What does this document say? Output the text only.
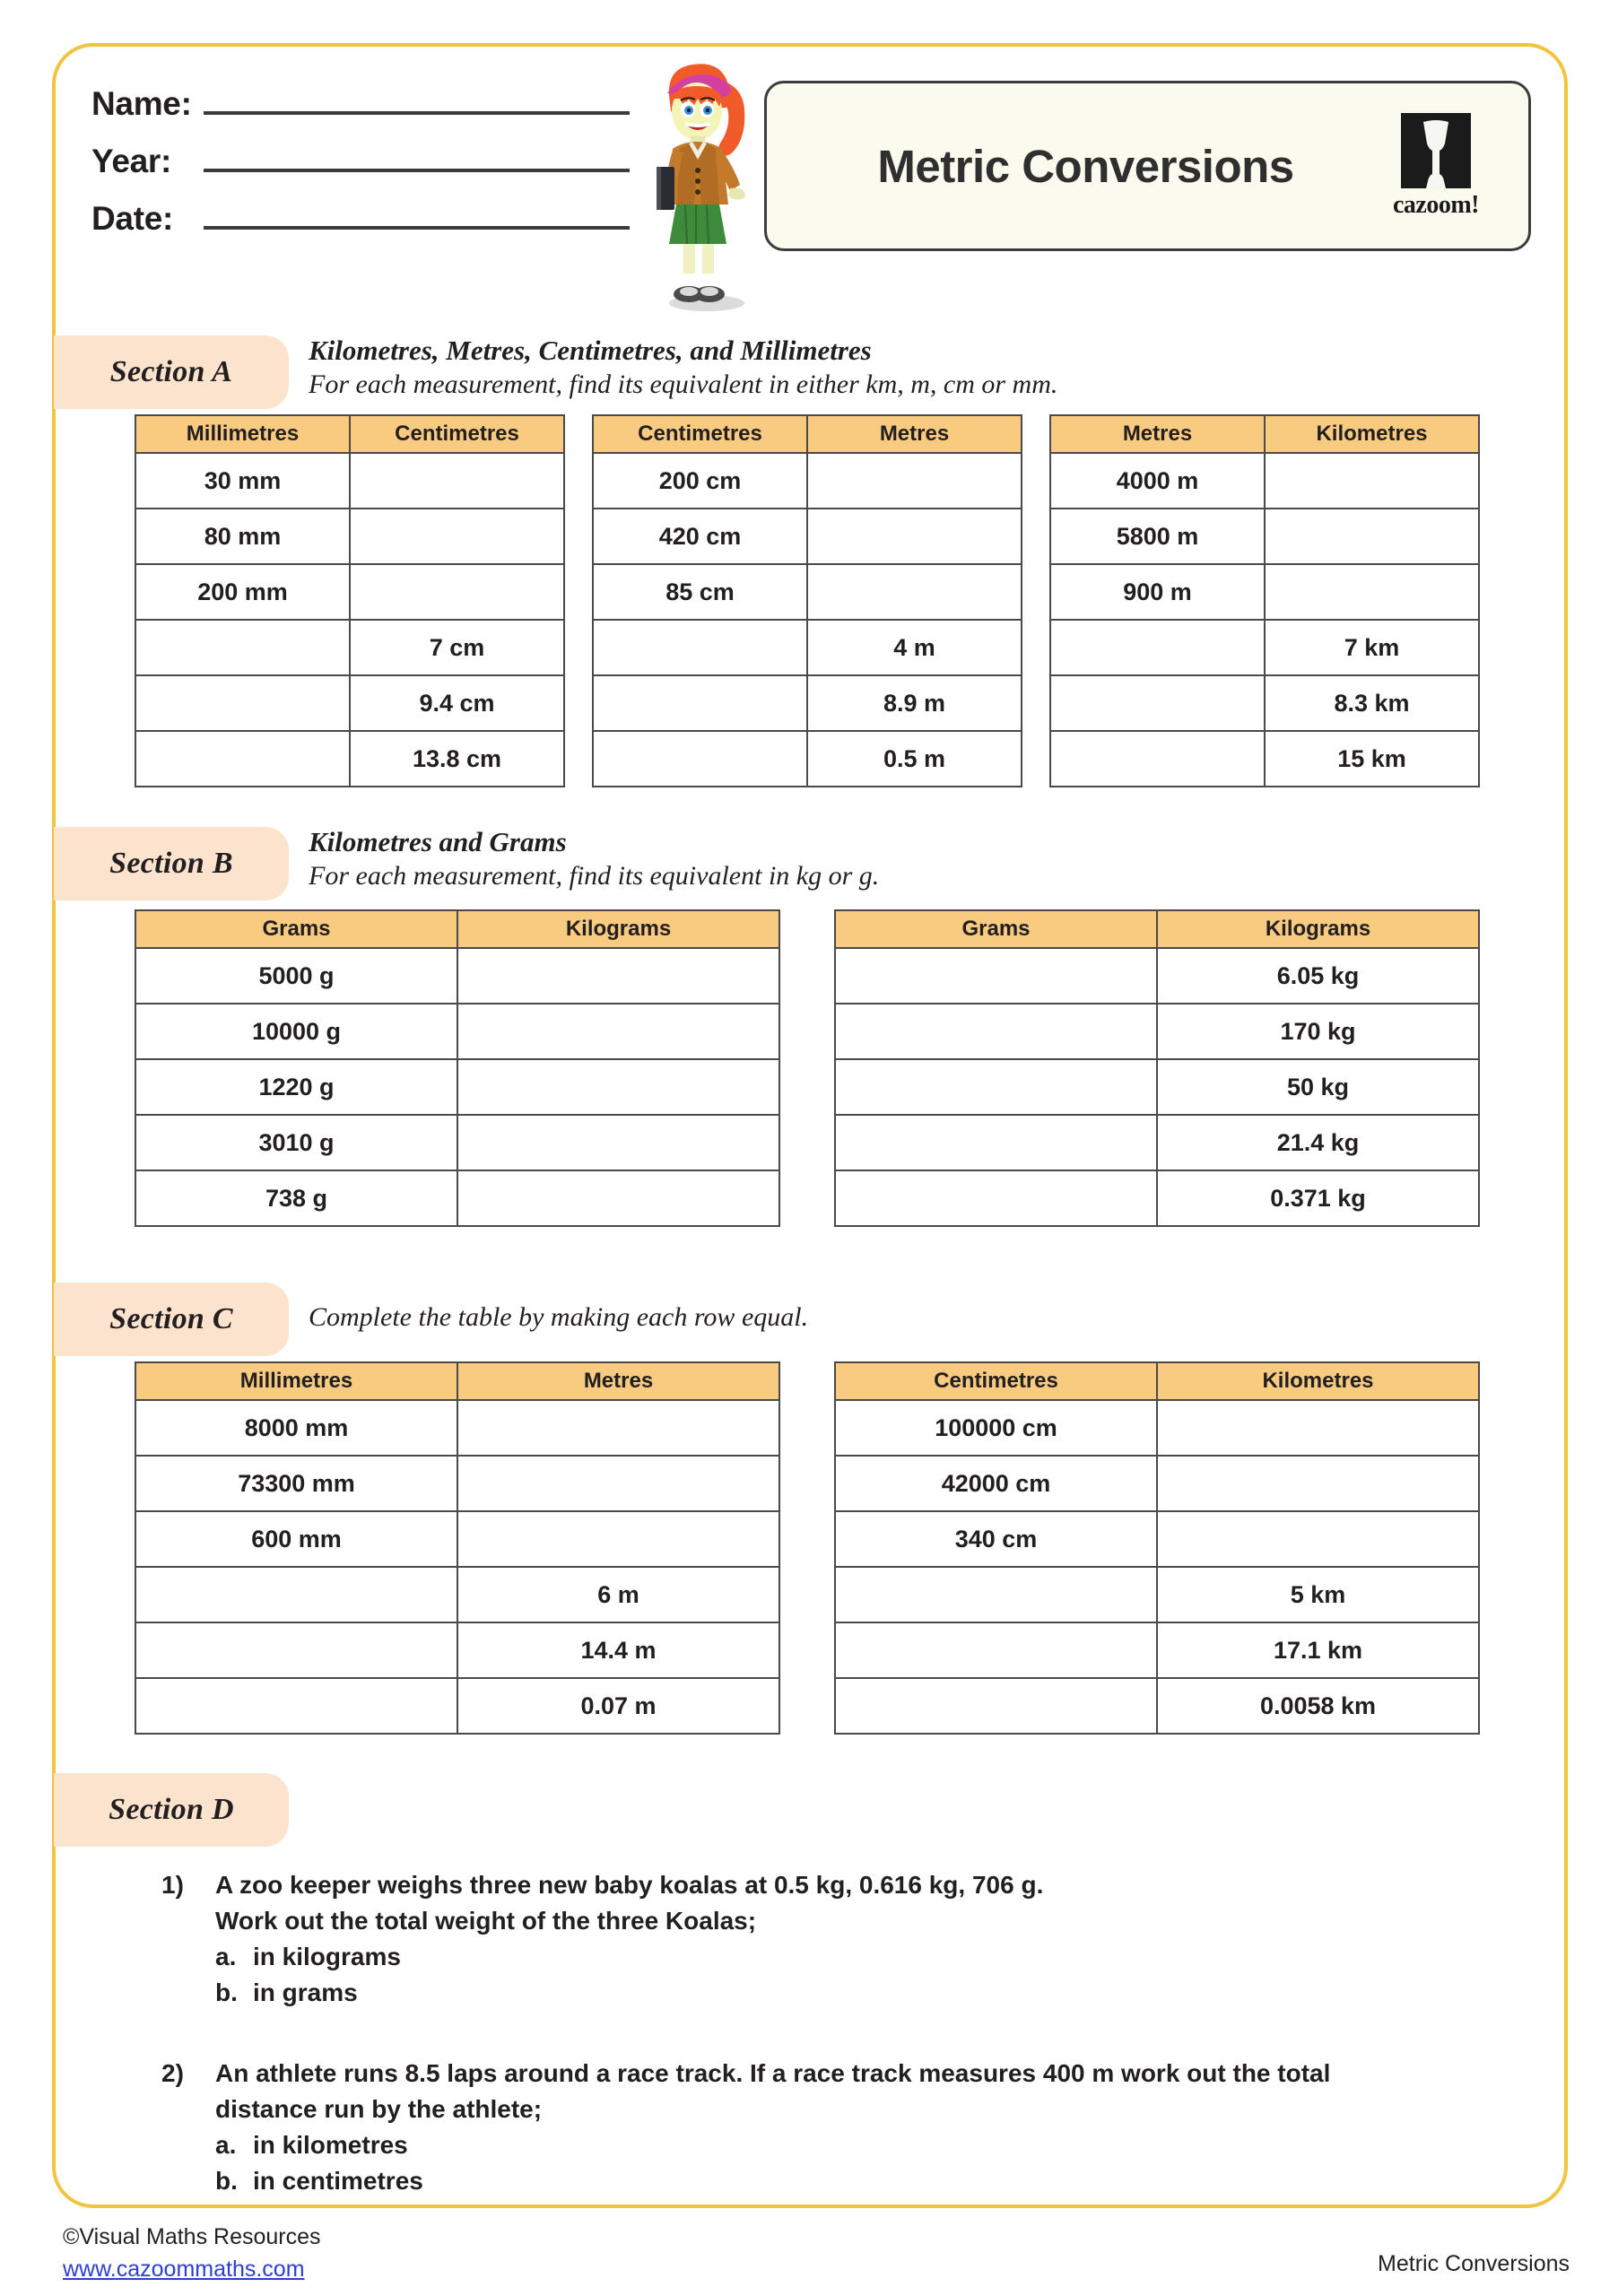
Name:
Year:
Date:
Metric Conversions
cazoom!
Section A
Kilometres, Metres, Centimetres, and Millimetres
For each measurement, find its equivalent in either km, m, cm or mm.
Millimetres	Centimetres
30 mm	
80 mm	
200 mm	
	7 cm
	9.4 cm
	13.8 cm
Centimetres	Metres
200 cm	
420 cm	
85 cm	
	4 m
	8.9 m
	0.5 m
Metres	Kilometres
4000 m	
5800 m	
900 m	
	7 km
	8.3 km
	15 km
Section B
Kilometres and Grams
For each measurement, find its equivalent in kg or g.
Grams	Kilograms
5000 g	
10000 g	
1220 g	
3010 g	
738 g	
Grams	Kilograms
	6.05 kg
	170 kg
	50 kg
	21.4 kg
	0.371 kg
Section C	Complete the table by making each row equal.
Millimetres	Metres
8000 mm	
73300 mm	
600 mm	
	6 m
	14.4 m
	0.07 m
Centimetres	Kilometres
100000 cm	
42000 cm	
340 cm	
	5 km
	17.1 km
	0.0058 km
Section D
1)	A zoo keeper weighs three new baby koalas at 0.5 kg, 0.616 kg, 706 g.
Work out the total weight of the three Koalas;
a. in kilograms
b. in grams
2)	An athlete runs 8.5 laps around a race track. If a race track measures 400 m work out the total
distance run by the athlete;
a. in kilometres
b. in centimetres
©Visual Maths Resources
www.cazoommaths.com	Metric Conversions
